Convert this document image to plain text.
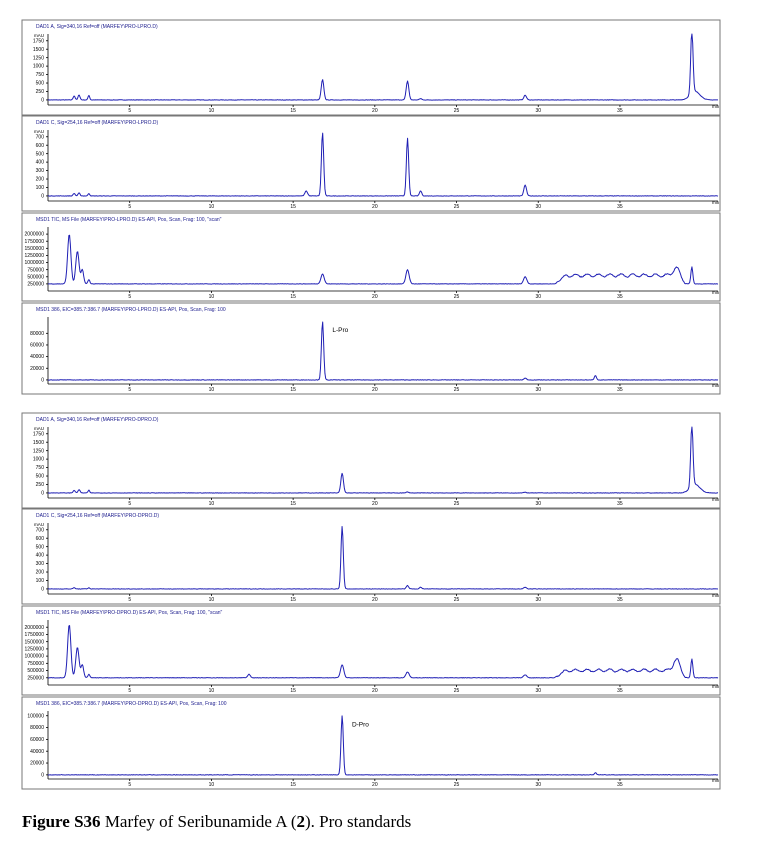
DAD1 A, Sig=340,16 Ref=off (MARFEY\PRO-LPRO.D)
mAU
min
0
250
500
750
1000
1250
1500
1750
5	10	15	20	25	30	35
DAD1 C, Sig=254,16 Ref=off (MARFEY\PRO-LPRO.D)
mAU
min
0
100
200
300
400
500
600
700
5	10	15	20	25	30	35
MSD1 TIC, MS File (MARFEY\PRO-LPRO.D) ES-API, Pos, Scan, Frag: 100, "scan"
min
250000
500000
750000
1000000
1250000
1500000
1750000
2000000
5	10	15	20	25	30	35
MSD1 386, EIC=385.7:386.7 (MARFEY\PRO-LPRO.D) ES-API, Pos, Scan, Frag: 100
min
0
20000
40000
60000
80000
5	10	15	20	25	30	35
L-Pro
DAD1 A, Sig=340,16 Ref=off (MARFEY\PRO-DPRO.D)
mAU
min
0
250
500
750
1000
1250
1500
1750
5	10	15	20	25	30	35
DAD1 C, Sig=254,16 Ref=off (MARFEY\PRO-DPRO.D)
mAU
min
0
100
200
300
400
500
600
700
5	10	15	20	25	30	35
MSD1 TIC, MS File (MARFEY\PRO-DPRO.D) ES-API, Pos, Scan, Frag: 100, "scan"
min
250000
500000
750000
1000000
1250000
1500000
1750000
2000000
5	10	15	20	25	30	35
MSD1 386, EIC=385.7:386.7 (MARFEY\PRO-DPRO.D) ES-API, Pos, Scan, Frag: 100
min
0
20000
40000
60000
80000
100000
5	10	15	20	25	30	35
D-Pro
Figure S36 Marfey of Seribunamide A (2). Pro standards
